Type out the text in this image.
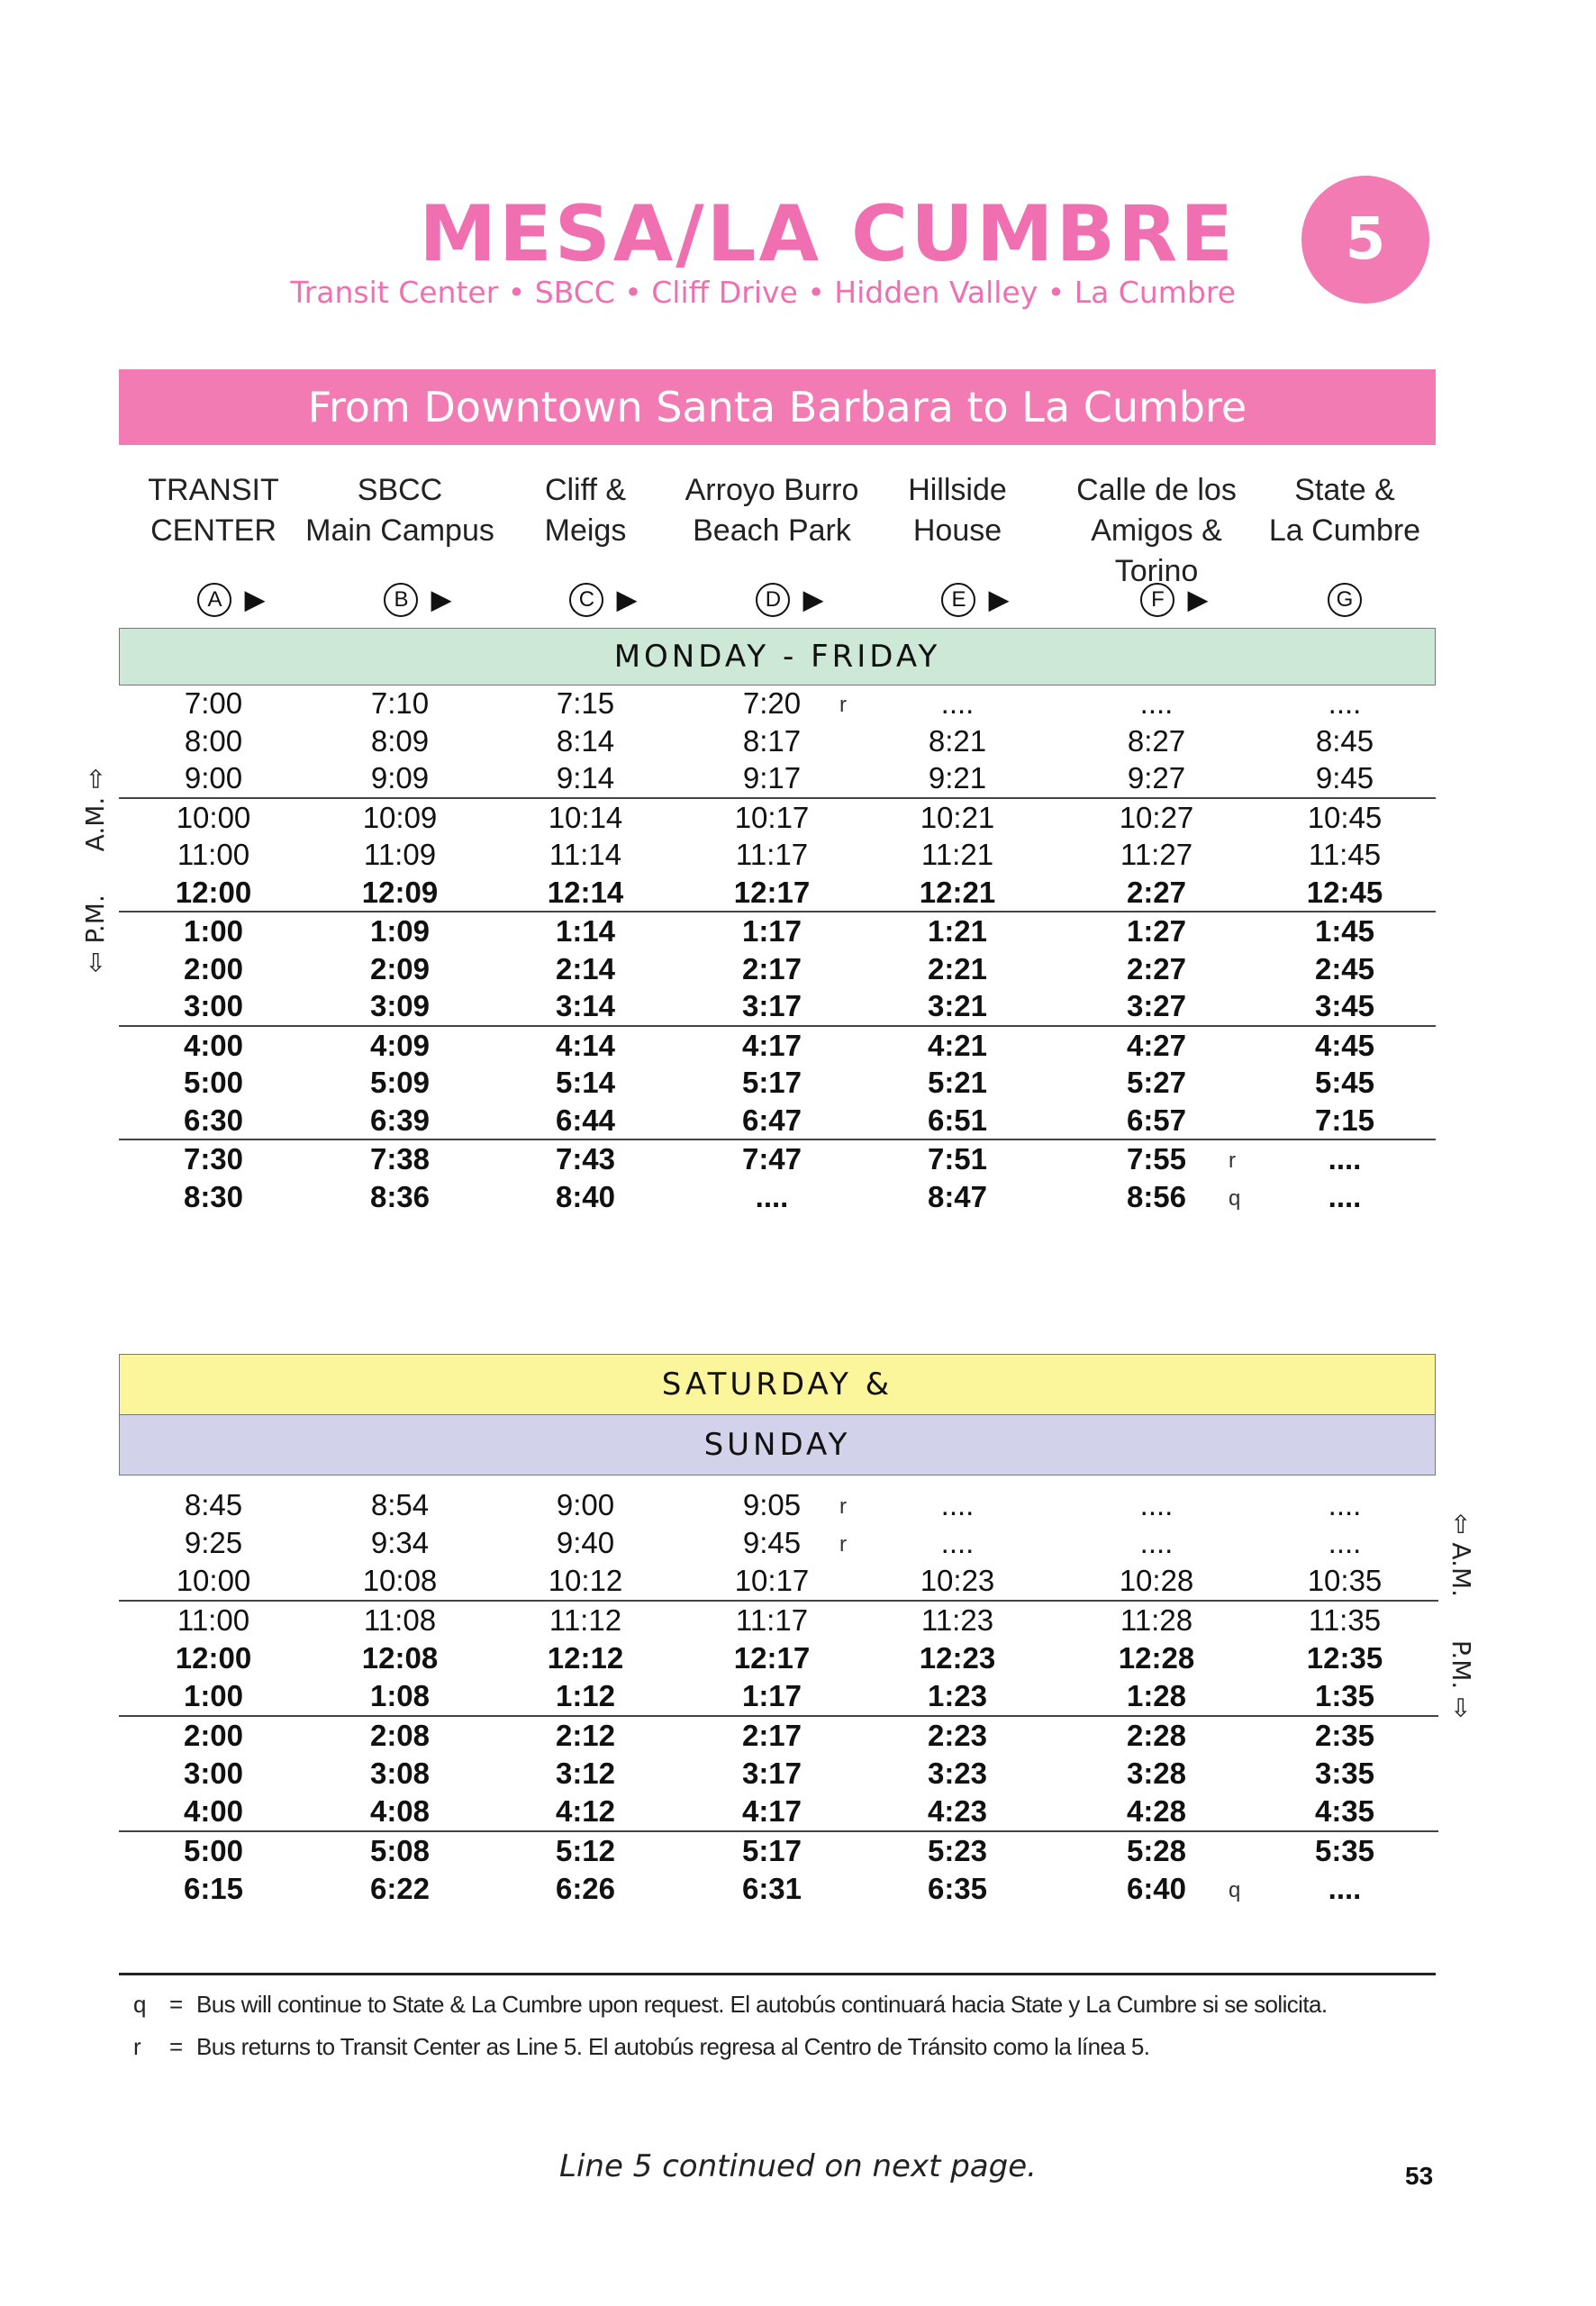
MESA/LA CUMBRE
Transit Center • SBCC • Cliff Drive • Hidden Valley • La Cumbre
5
From Downtown Santa Barbara to La Cumbre
TRANSIT
CENTER
A ▶
SBCC
Main Campus
B ▶
Cliff &
Meigs
C ▶
Arroyo Burro
Beach Park
D ▶
Hillside
House
E ▶
Calle de los
Amigos & Torino
F ▶
State &
La Cumbre
G
MONDAY - FRIDAY
7:00	7:10	7:15	7:20	r	....	....	....
8:00	8:09	8:14	8:17	8:21	8:27	8:45
9:00	9:09	9:14	9:17	9:21	9:27	9:45
10:00	10:09	10:14	10:17	10:21	10:27	10:45
11:00	11:09	11:14	11:17	11:21	11:27	11:45
12:00	12:09	12:14	12:17	12:21	2:27	12:45
1:00	1:09	1:14	1:17	1:21	1:27	1:45
2:00	2:09	2:14	2:17	2:21	2:27	2:45
3:00	3:09	3:14	3:17	3:21	3:27	3:45
4:00	4:09	4:14	4:17	4:21	4:27	4:45
5:00	5:09	5:14	5:17	5:21	5:27	5:45
6:30	6:39	6:44	6:47	6:51	6:57	7:15
7:30	7:38	7:43	7:47	7:51	7:55	r	....
8:30	8:36	8:40	....	8:47	8:56	q	....
⇦ P.M.  A.M. ⇨
SATURDAY &
SUNDAY
8:45	8:54	9:00	9:05	r	....	....	....
9:25	9:34	9:40	9:45	r	....	....	....
10:00	10:08	10:12	10:17	10:23	10:28	10:35
11:00	11:08	11:12	11:17	11:23	11:28	11:35
12:00	12:08	12:12	12:17	12:23	12:28	12:35
1:00	1:08	1:12	1:17	1:23	1:28	1:35
2:00	2:08	2:12	2:17	2:23	2:28	2:35
3:00	3:08	3:12	3:17	3:23	3:28	3:35
4:00	4:08	4:12	4:17	4:23	4:28	4:35
5:00	5:08	5:12	5:17	5:23	5:28	5:35
6:15	6:22	6:26	6:31	6:35	6:40	q	....
⇦ A.M.  P.M. ⇨
q = Bus will continue to State & La Cumbre upon request. El autobús continuará hacia State y La Cumbre si se solicita.
r = Bus returns to Transit Center as Line 5. El autobús regresa al Centro de Tránsito como la línea 5.
Line 5 continued on next page.	53
